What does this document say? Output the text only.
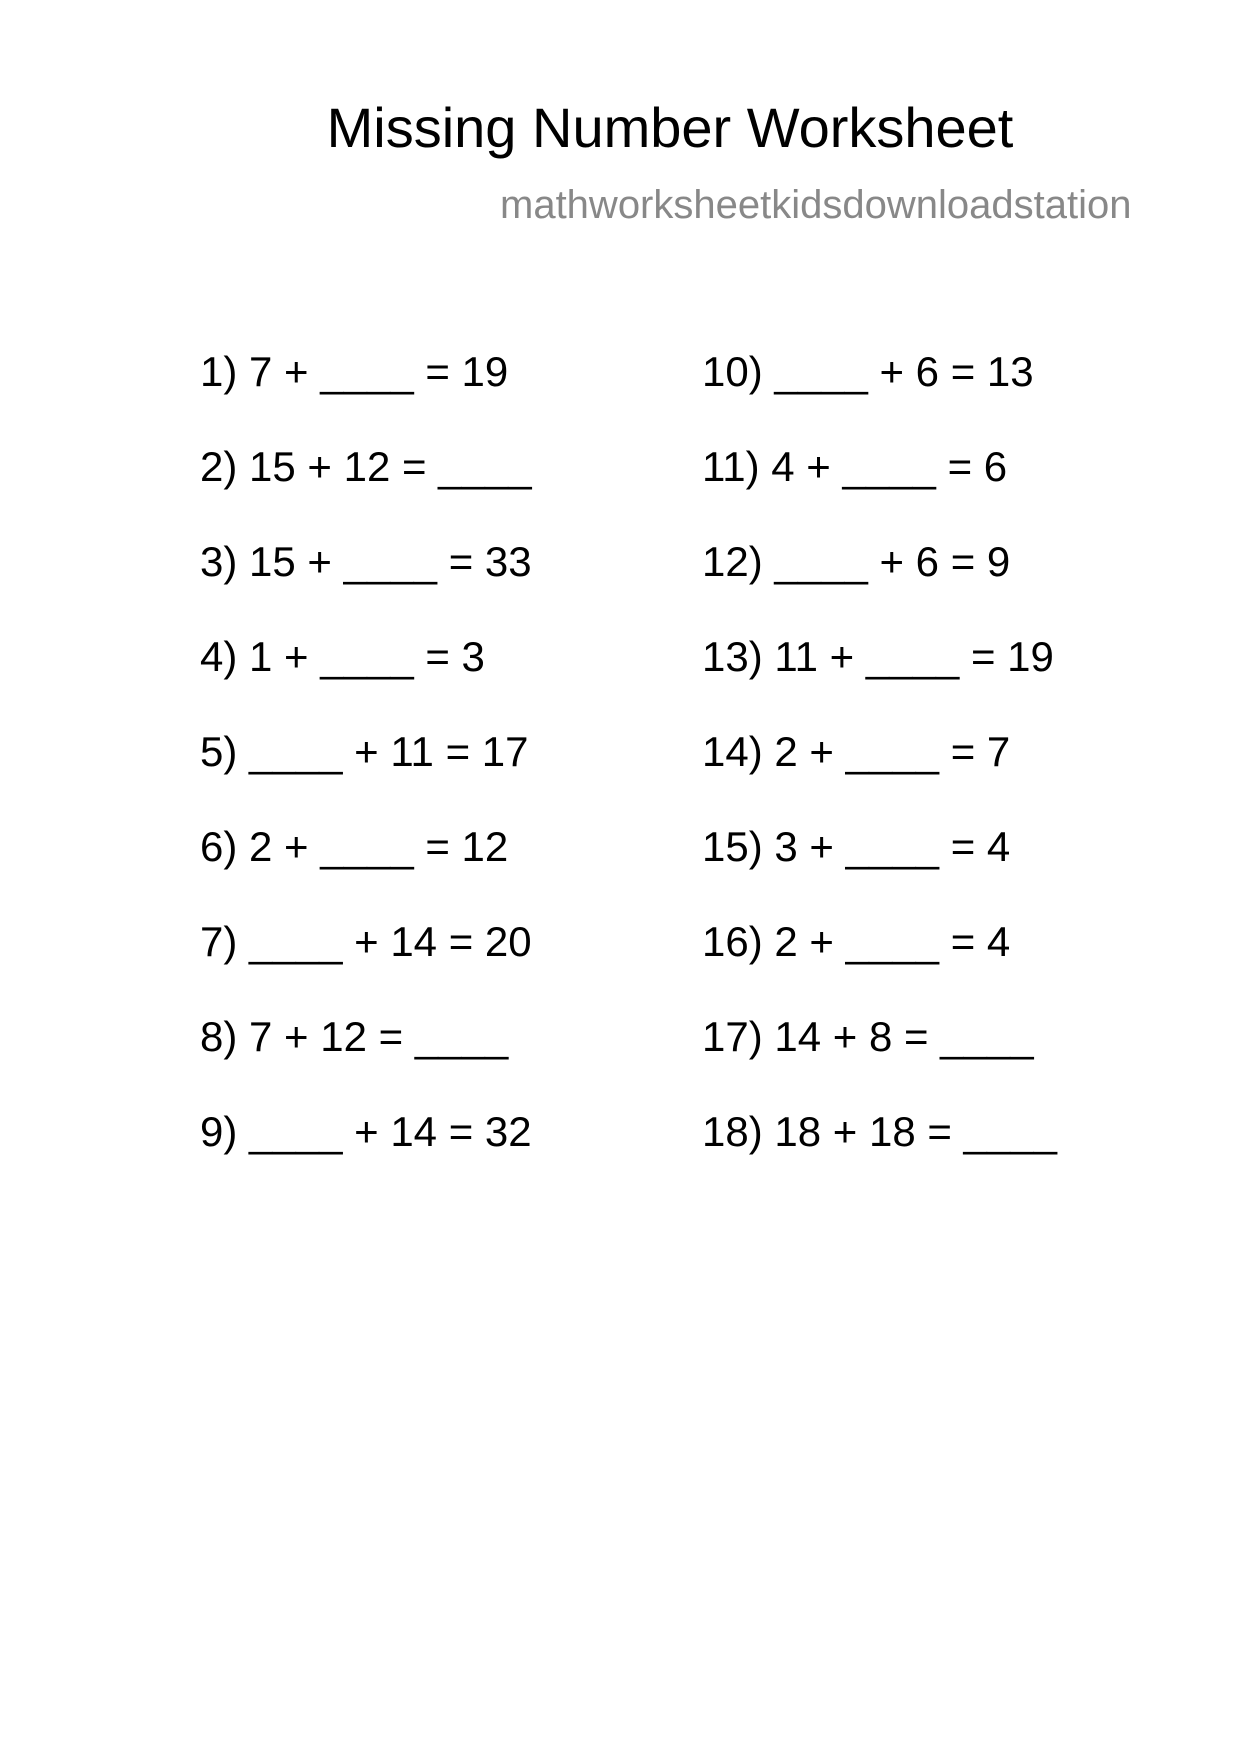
Missing Number Worksheet
mathworksheetkidsdownloadstation
1) 7 + ____ = 19
2) 15 + 12 = ____
3) 15 + ____ = 33
4) 1 + ____ = 3
5) ____ + 11 = 17
6) 2 + ____ = 12
7) ____ + 14 = 20
8) 7 + 12 = ____
9) ____ + 14 = 32
10) ____ + 6 = 13
11) 4 + ____ = 6
12) ____ + 6 = 9
13) 11 + ____ = 19
14) 2 + ____ = 7
15) 3 + ____ = 4
16) 2 + ____ = 4
17) 14 + 8 = ____
18) 18 + 18 = ____
